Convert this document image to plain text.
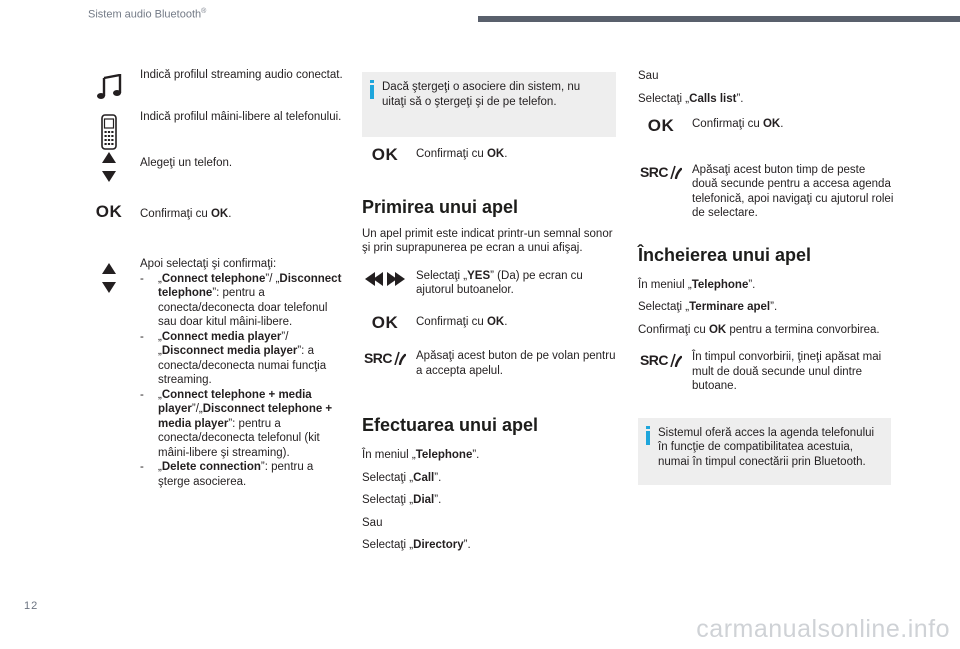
Sistem audio Bluetooth®

Indică profilul streaming audio conectat.

Indică profilul mâini-libere al telefonului.

Alegeţi un telefon.

OK Confirmaţi cu OK.

Apoi selectaţi şi confirmaţi:

- „Connect telephone”/ „Disconnect telephone”: pentru a conecta/deconecta doar telefonul sau doar kitul mâini-libere.
- „Connect media player”/ „Disconnect media player”: a conecta/deconecta numai funcţia streaming.
- „Connect telephone + media player”/„Disconnect telephone + media player”: pentru a conecta/deconecta telefonul (kit mâini-libere şi streaming).
- „Delete connection”: pentru a şterge asocierea.

Dacă ştergeţi o asociere din sistem, nu uitaţi să o ştergeţi şi de pe telefon.

OK Confirmaţi cu OK.

Primirea unui apel

Un apel primit este indicat printr-un semnal sonor şi prin suprapunerea pe ecran a unui afişaj.

Selectaţi „YES” (Da) pe ecran cu ajutorul butoanelor.

OK Confirmaţi cu OK.

SRC Apăsaţi acest buton de pe volan pentru a accepta apelul.

Efectuarea unui apel

În meniul „Telephone”.

Selectaţi „Call”.

Selectaţi „Dial”.

Sau

Selectaţi „Directory”.

Sau

Selectaţi „Calls list”.

OK Confirmaţi cu OK.

SRC Apăsaţi acest buton timp de peste două secunde pentru a accesa agenda telefonică, apoi navigaţi cu ajutorul rolei de selectare.

Încheierea unui apel

În meniul „Telephone”.

Selectaţi „Terminare apel”.

Confirmaţi cu OK pentru a termina convorbirea.

SRC În timpul convorbirii, ţineţi apăsat mai mult de două secunde unul dintre butoane.

Sistemul oferă acces la agenda telefonului în funcţie de compatibilitatea acestuia, numai în timpul conectării prin Bluetooth.

12
carmanualsonline.info
